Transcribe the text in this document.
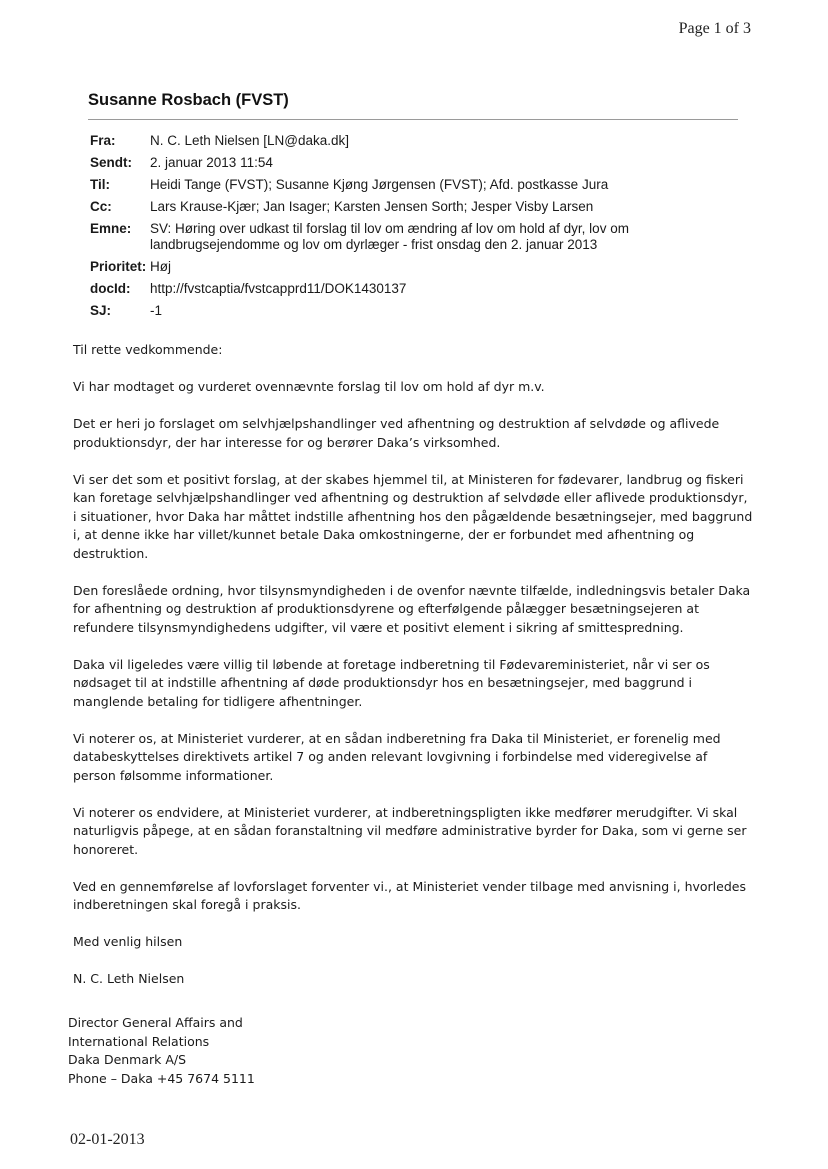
Page 1 of 3
Susanne Rosbach (FVST)
Fra:	N. C. Leth Nielsen [LN@daka.dk]
Sendt:	2. januar 2013 11:54
Til:	Heidi Tange (FVST); Susanne Kjøng Jørgensen (FVST); Afd. postkasse Jura
Cc:	Lars Krause-Kjær; Jan Isager; Karsten Jensen Sorth; Jesper Visby Larsen
Emne:	SV: Høring over udkast til forslag til lov om ændring af lov om hold af dyr, lov om landbrugsejendomme og lov om dyrlæger - frist onsdag den 2. januar 2013
Prioritet: Høj
docId:	http://fvstcaptia/fvstcapprd11/DOK1430137
SJ:	-1

Til rette vedkommende:

Vi har modtaget og vurderet ovennævnte forslag til lov om hold af dyr m.v.

Det er heri jo forslaget om selvhjælpshandlinger ved afhentning og destruktion af selvdøde og aflivede produktionsdyr, der har interesse for og berører Daka’s virksomhed.

Vi ser det som et positivt forslag, at der skabes hjemmel til, at Ministeren for fødevarer, landbrug og fiskeri kan foretage selvhjælpshandlinger ved afhentning og destruktion af selvdøde eller aflivede produktionsdyr, i situationer, hvor Daka har måttet indstille afhentning hos den pågældende besætningsejer, med baggrund i, at denne ikke har villet/kunnet betale Daka omkostningerne, der er forbundet med afhentning og destruktion.

Den foreslåede ordning, hvor tilsynsmyndigheden i de ovenfor nævnte tilfælde, indledningsvis betaler Daka for afhentning og destruktion af produktionsdyrene og efterfølgende pålægger besætningsejeren at refundere tilsynsmyndighedens udgifter, vil være et positivt element i sikring af smittespredning.

Daka vil ligeledes være villig til løbende at foretage indberetning til Fødevareministeriet, når vi ser os nødsaget til at indstille afhentning af døde produktionsdyr hos en besætningsejer, med baggrund i manglende betaling for tidligere afhentninger.

Vi noterer os, at Ministeriet vurderer, at en sådan indberetning fra Daka til Ministeriet, er forenelig med databeskyttelses direktivets artikel 7 og anden relevant lovgivning i forbindelse med videregivelse af person følsomme informationer.

Vi noterer os endvidere, at Ministeriet vurderer, at indberetningspligten ikke medfører merudgifter. Vi skal naturligvis påpege, at en sådan foranstaltning vil medføre administrative byrder for Daka, som vi gerne ser honoreret.

Ved en gennemførelse af lovforslaget forventer vi., at Ministeriet vender tilbage med anvisning i, hvorledes indberetningen skal foregå i praksis.

Med venlig hilsen

N. C. Leth Nielsen

Director General Affairs and
International Relations
Daka Denmark A/S
Phone – Daka +45 7674 5111
02-01-2013
